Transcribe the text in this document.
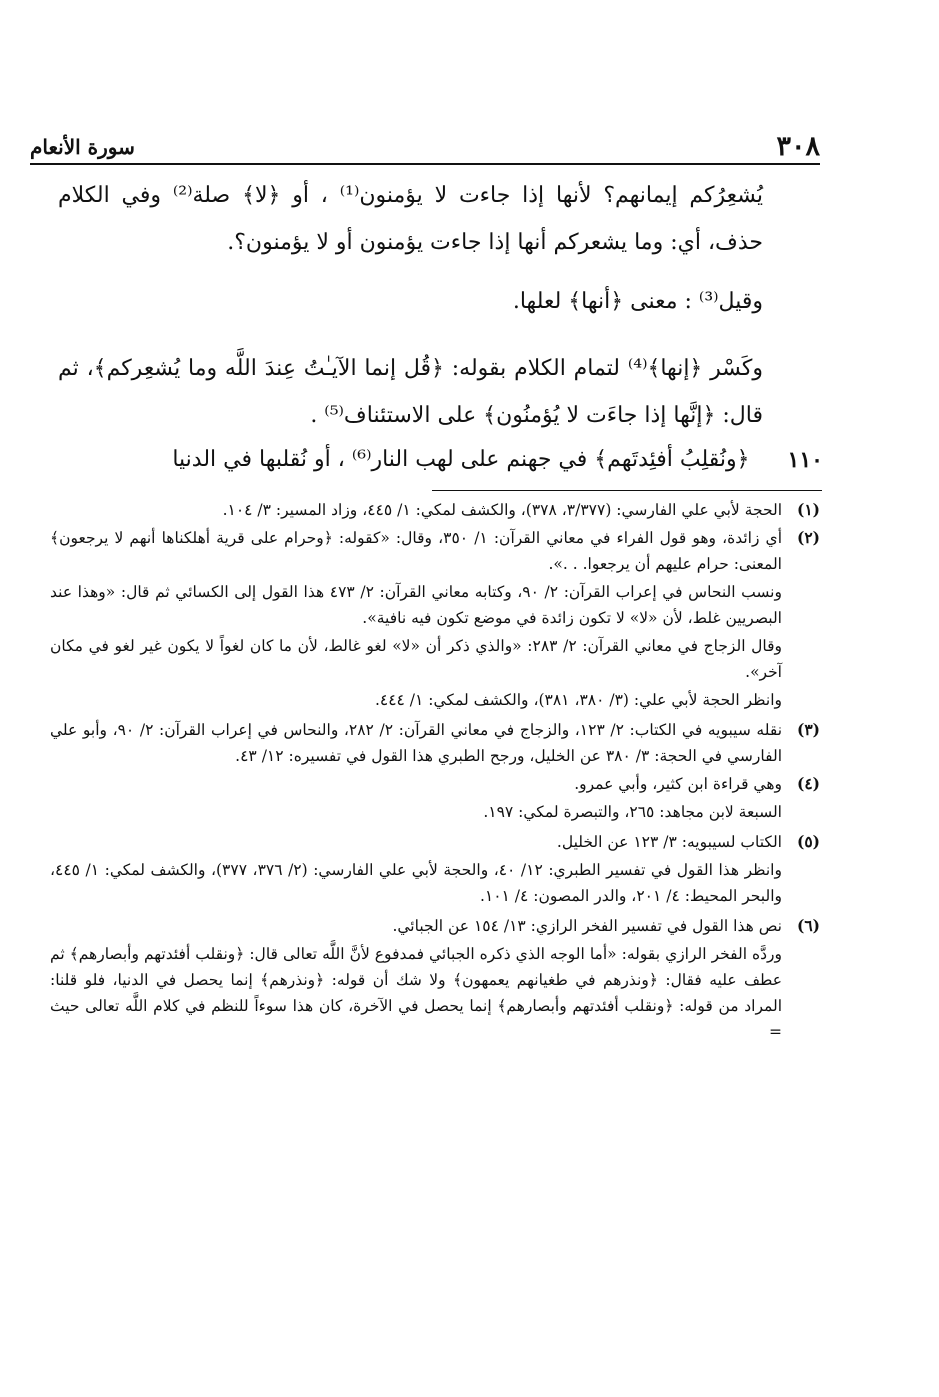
٣٠٨
سورة الأنعام

يُشعِرُكم إيمانهم؟ لأنها إذا جاءت لا يؤمنون⁽¹⁾ ، أو ﴿لا﴾ صلة⁽²⁾ وفي الكلام حذف، أي: وما يشعركم أنها إذا جاءت يؤمنون أو لا يؤمنون؟.

وقيل⁽³⁾ : معنى ﴿أنها﴾ لعلها.

وكَسْر ﴿إنها﴾⁽⁴⁾ لتمام الكلام بقوله: ﴿قُل إنما الآيـٰتُ عِندَ اللَّه وما يُشعِركم﴾، ثم قال: ﴿إنَّها إذا جاءَت لا يُؤمنُون﴾ على الاستئناف⁽⁵⁾ .

١١٠
﴿ونُقلِبُ أفئِدتَهم﴾ في جهنم على لهب النار⁽⁶⁾ ، أو نُقلبها في الدنيا
(١)

الحجة لأبي علي الفارسي: (٣/٣٧٧، ٣٧٨)، والكشف لمكي: ١/ ٤٤٥، وزاد المسير: ٣/ ١٠٤.

(٢)

أي زائدة، وهو قول الفراء في معاني القرآن: ١/ ٣٥٠، وقال: «كقوله: ﴿وحرام على قرية أهلكناها أنهم لا يرجعون﴾ المعنى: حرام عليهم أن يرجعوا. . .».

ونسب النحاس في إعراب القرآن: ٢/ ٩٠، وكتابه معاني القرآن: ٢/ ٤٧٣ هذا القول إلى الكسائي ثم قال: «وهذا عند البصريين غلط، لأن «لا» لا تكون زائدة في موضع تكون فيه نافية».

وقال الزجاج في معاني القرآن: ٢/ ٢٨٣: «والذي ذكر أن «لا» لغو غالط، لأن ما كان لغواً لا يكون غير لغو في مكان آخر».

وانظر الحجة لأبي علي: (٣/ ٣٨٠، ٣٨١)، والكشف لمكي: ١/ ٤٤٤.

(٣)

نقله سيبويه في الكتاب: ٢/ ١٢٣، والزجاج في معاني القرآن: ٢/ ٢٨٢، والنحاس في إعراب القرآن: ٢/ ٩٠، وأبو علي الفارسي في الحجة: ٣/ ٣٨٠ عن الخليل، ورجح الطبري هذا القول في تفسيره: ١٢/ ٤٣.

(٤)

وهي قراءة ابن كثير، وأبي عمرو.

السبعة لابن مجاهد: ٢٦٥، والتبصرة لمكي: ١٩٧.

(٥)

الكتاب لسيبويه: ٣/ ١٢٣ عن الخليل.

وانظر هذا القول في تفسير الطبري: ١٢/ ٤٠، والحجة لأبي علي الفارسي: (٢/ ٣٧٦، ٣٧٧)، والكشف لمكي: ١/ ٤٤٥، والبحر المحيط: ٤/ ٢٠١، والدر المصون: ٤/ ١٠١.

(٦)

نص هذا القول في تفسير الفخر الرازي: ١٣/ ١٥٤ عن الجبائي.

وردَّه الفخر الرازي بقوله: «أما الوجه الذي ذكره الجبائي فمدفوع لأنَّ اللَّه تعالى قال: ﴿ونقلب أفئدتهم وأبصارهم﴾ ثم عطف عليه فقال: ﴿ونذرهم في طغيانهم يعمهون﴾ ولا شك أن قوله: ﴿ونذرهم﴾ إنما يحصل في الدنيا، فلو قلنا: المراد من قوله: ﴿ونقلب أفئدتهم وأبصارهم﴾ إنما يحصل في الآخرة، كان هذا سوءاً للنظم في كلام اللَّه تعالى حيث =
